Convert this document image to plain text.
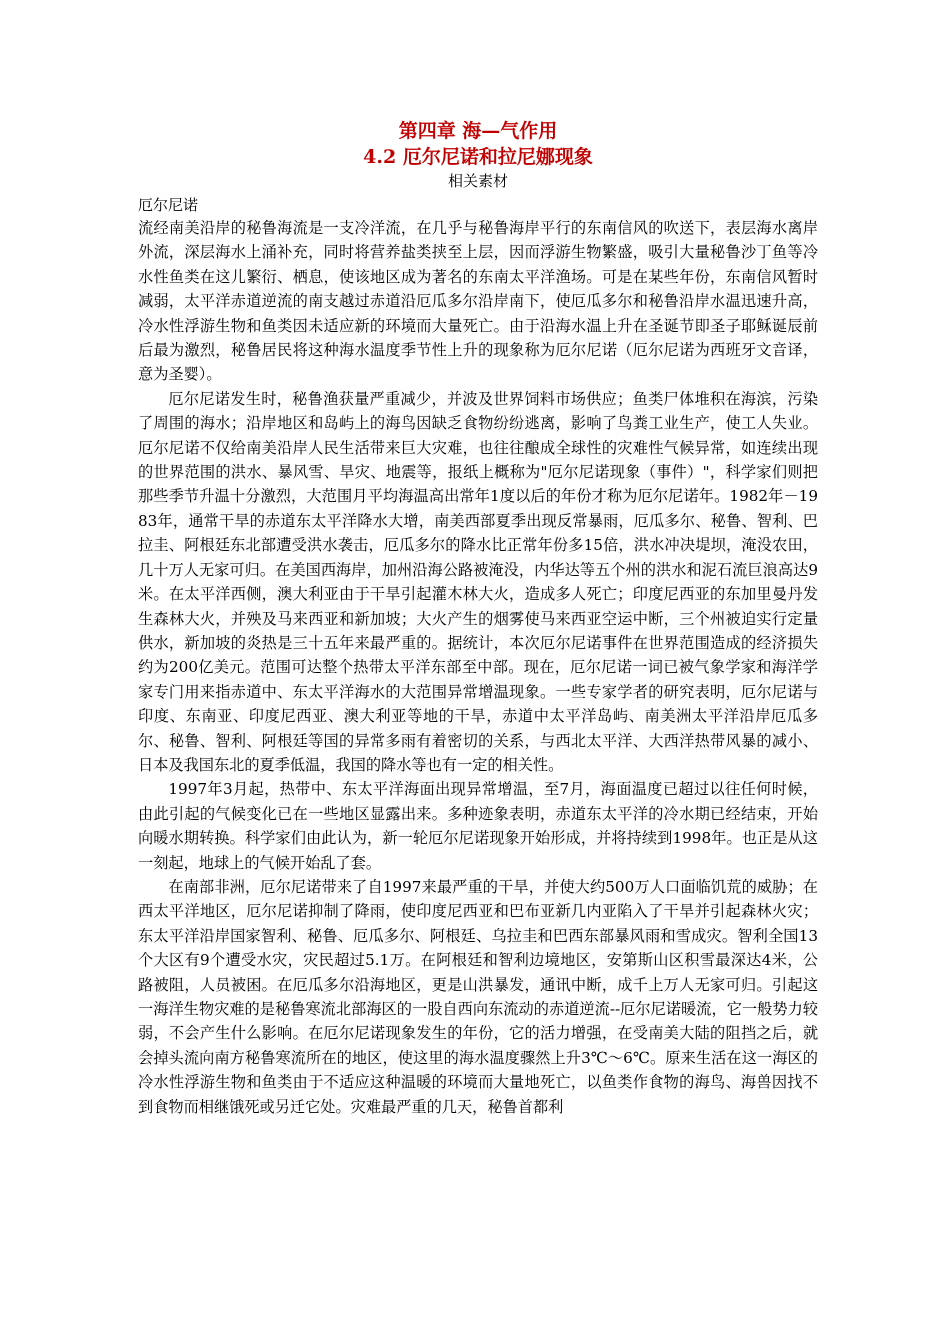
第四章 海—气作用
4.2 厄尔尼诺和拉尼娜现象

相关素材

厄尔尼诺

流经南美沿岸的秘鲁海流是一支冷洋流，在几乎与秘鲁海岸平行的东南信风的吹送下，表层海水离岸外流，深层海水上涌补充，同时将营养盐类挟至上层，因而浮游生物繁盛，吸引大量秘鲁沙丁鱼等冷水性鱼类在这儿繁衍、栖息，使该地区成为著名的东南太平洋渔场。可是在某些年份，东南信风暂时减弱，太平洋赤道逆流的南支越过赤道沿厄瓜多尔沿岸南下，使厄瓜多尔和秘鲁沿岸水温迅速升高，冷水性浮游生物和鱼类因未适应新的环境而大量死亡。由于沿海水温上升在圣诞节即圣子耶稣诞辰前后最为激烈，秘鲁居民将这种海水温度季节性上升的现象称为厄尔尼诺（厄尔尼诺为西班牙文音译，意为圣婴）。

厄尔尼诺发生时，秘鲁渔获量严重减少，并波及世界饲料市场供应；鱼类尸体堆积在海滨，污染了周围的海水；沿岸地区和岛屿上的海鸟因缺乏食物纷纷逃离，影响了鸟粪工业生产，使工人失业。厄尔尼诺不仅给南美沿岸人民生活带来巨大灾难，也往往酿成全球性的灾难性气候异常，如连续出现的世界范围的洪水、暴风雪、旱灾、地震等，报纸上概称为"厄尔尼诺现象（事件）"，科学家们则把那些季节升温十分激烈，大范围月平均海温高出常年1度以后的年份才称为厄尔尼诺年。1982年－1983年，通常干旱的赤道东太平洋降水大增，南美西部夏季出现反常暴雨，厄瓜多尔、秘鲁、智利、巴拉圭、阿根廷东北部遭受洪水袭击，厄瓜多尔的降水比正常年份多15倍，洪水冲决堤坝，淹没农田，几十万人无家可归。在美国西海岸，加州沿海公路被淹没，内华达等五个州的洪水和泥石流巨浪高达9米。在太平洋西侧，澳大利亚由于干旱引起灌木林大火，造成多人死亡；印度尼西亚的东加里曼丹发生森林大火，并殃及马来西亚和新加坡；大火产生的烟雾使马来西亚空运中断，三个州被迫实行定量供水，新加坡的炎热是三十五年来最严重的。据统计，本次厄尔尼诺事件在世界范围造成的经济损失约为200亿美元。范围可达整个热带太平洋东部至中部。现在，厄尔尼诺一词已被气象学家和海洋学家专门用来指赤道中、东太平洋海水的大范围异常增温现象。一些专家学者的研究表明，厄尔尼诺与印度、东南亚、印度尼西亚、澳大利亚等地的干旱，赤道中太平洋岛屿、南美洲太平洋沿岸厄瓜多尔、秘鲁、智利、阿根廷等国的异常多雨有着密切的关系，与西北太平洋、大西洋热带风暴的减小、日本及我国东北的夏季低温，我国的降水等也有一定的相关性。

1997年3月起，热带中、东太平洋海面出现异常增温，至7月，海面温度已超过以往任何时候，由此引起的气候变化已在一些地区显露出来。多种迹象表明，赤道东太平洋的冷水期已经结束，开始向暖水期转换。科学家们由此认为，新一轮厄尔尼诺现象开始形成，并将持续到1998年。也正是从这一刻起，地球上的气候开始乱了套。

在南部非洲，厄尔尼诺带来了自1997来最严重的干旱，并使大约500万人口面临饥荒的威胁；在西太平洋地区，厄尔尼诺抑制了降雨，使印度尼西亚和巴布亚新几内亚陷入了干旱并引起森林火灾；东太平洋沿岸国家智利、秘鲁、厄瓜多尔、阿根廷、乌拉圭和巴西东部暴风雨和雪成灾。智利全国13个大区有9个遭受水灾，灾民超过5.1万。在阿根廷和智利边境地区，安第斯山区积雪最深达4米，公路被阻，人员被困。在厄瓜多尔沿海地区，更是山洪暴发，通讯中断，成千上万人无家可归。引起这一海洋生物灾难的是秘鲁寒流北部海区的一股自西向东流动的赤道逆流--厄尔尼诺暖流，它一般势力较弱，不会产生什么影响。在厄尔尼诺现象发生的年份，它的活力增强，在受南美大陆的阻挡之后，就会掉头流向南方秘鲁寒流所在的地区，使这里的海水温度骤然上升3℃～6℃。原来生活在这一海区的冷水性浮游生物和鱼类由于不适应这种温暖的环境而大量地死亡，以鱼类作食物的海鸟、海兽因找不到食物而相继饿死或另迁它处。灾难最严重的几天，秘鲁首都利
